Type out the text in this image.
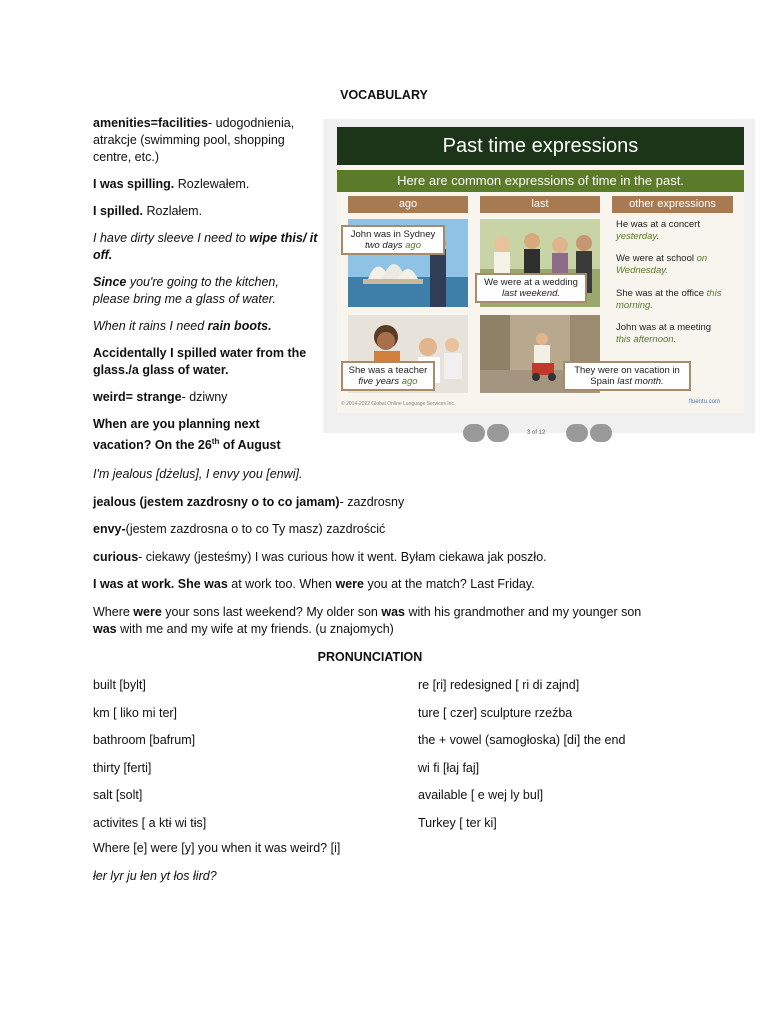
VOCABULARY

amenities=facilities- udogodnienia, atrakcje (swimming pool, shopping centre, etc.)

I was spilling. Rozlewałem.

I spilled. Rozlałem.

I have dirty sleeve I need to wipe this/ it off.

Since you're going to the kitchen, please bring me a glass of water.

When it rains I need rain boots.

Accidentally I spilled water from the glass./a glass of water.

weird= strange- dziwny

When are you planning next vacation? On the 26th of August

Past time expressions
Here are common expressions of time in the past.
ago	last	other expressions
John was in Sydney
two days ago
We were at a wedding
last weekend.
She was a teacher
five years ago
They were on vacation in
Spain last month.
He was at a concert
yesterday.
We were at school on Wednesday.
She was at the office this morning.
John was at a meeting
this afternoon.
© 2014-2022 Global Online Language Services Inc.	fluentu.com
3 of 12

I'm jealous [dżelus], I envy you [enwi].

jealous (jestem zazdrosny o to co jamam)- zazdrosny

envy-(jestem zazdrosna o to co Ty masz) zazdrościć

curious- ciekawy (jesteśmy) I was curious how it went. Byłam ciekawa jak poszło.

I was at work. She was at work too. When were you at the match? Last Friday.

Where were your sons last weekend? My older son was with his grandmother and my younger son

was with me and my wife at my friends. (u znajomych)

PRONUNCIATION

built [bylt]

km [ liko mi ter]

bathroom [bafrum]

thirty [ferti]

salt [solt]

activites [ a ktɨ wi tɨs]

re [ri] redesigned [ ri di zajnd]

ture [ czer] sculpture rzeźba

the + vowel (samogłoska) [di] the end

wi fi [łaj faj]

available [ e wej ly bul]

Turkey [ ter ki]

Where [e] were [y] you when it was weird? [i]
łer lyr ju łen yt łos łird?
